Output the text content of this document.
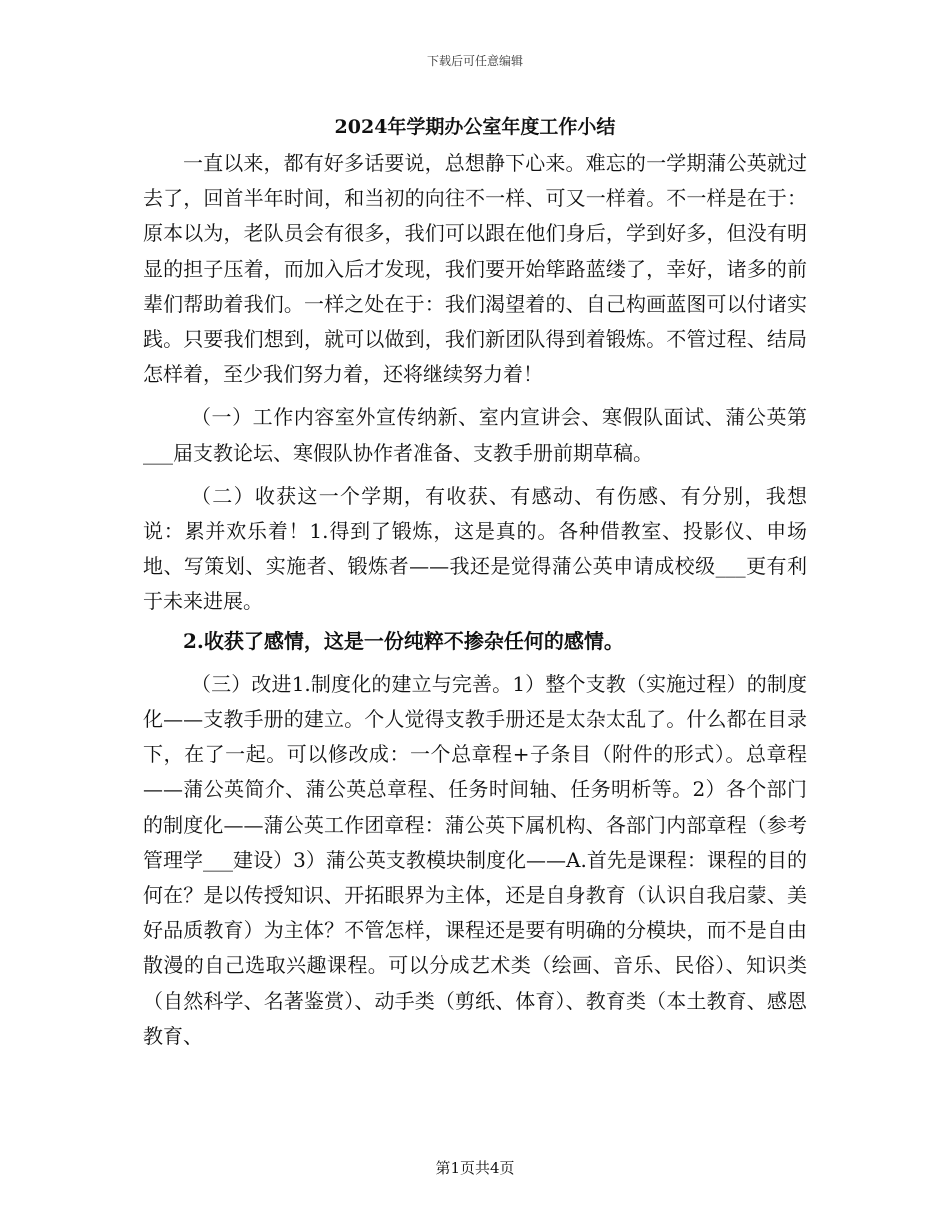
下载后可任意编辑
2024年学期办公室年度工作小结

一直以来，都有好多话要说，总想静下心来。难忘的一学期蒲公英就过去了，回首半年时间，和当初的向往不一样、可又一样着。不一样是在于：原本以为，老队员会有很多，我们可以跟在他们身后，学到好多，但没有明显的担子压着，而加入后才发现，我们要开始筚路蓝缕了，幸好，诸多的前辈们帮助着我们。一样之处在于：我们渴望着的、自己构画蓝图可以付诸实践。只要我们想到，就可以做到，我们新团队得到着锻炼。不管过程、结局怎样着，至少我们努力着，还将继续努力着！

（一）工作内容室外宣传纳新、室内宣讲会、寒假队面试、蒲公英第___届支教论坛、寒假队协作者准备、支教手册前期草稿。

（二）收获这一个学期，有收获、有感动、有伤感、有分别，我想说：累并欢乐着！1.得到了锻炼，这是真的。各种借教室、投影仪、申场地、写策划、实施者、锻炼者——我还是觉得蒲公英申请成校级___更有利于未来进展。

2.收获了感情，这是一份纯粹不掺杂任何的感情。

（三）改进1.制度化的建立与完善。1）整个支教（实施过程）的制度化——支教手册的建立。个人觉得支教手册还是太杂太乱了。什么都在目录下，在了一起。可以修改成：一个总章程+子条目（附件的形式）。总章程——蒲公英简介、蒲公英总章程、任务时间轴、任务明析等。2）各个部门的制度化——蒲公英工作团章程：蒲公英下属机构、各部门内部章程（参考管理学___建设）3）蒲公英支教模块制度化——A.首先是课程：课程的目的何在？是以传授知识、开拓眼界为主体，还是自身教育（认识自我启蒙、美好品质教育）为主体？不管怎样，课程还是要有明确的分模块，而不是自由散漫的自己选取兴趣课程。可以分成艺术类（绘画、音乐、民俗）、知识类（自然科学、名著鉴赏）、动手类（剪纸、体育）、教育类（本土教育、感恩教育、

第1页共4页
